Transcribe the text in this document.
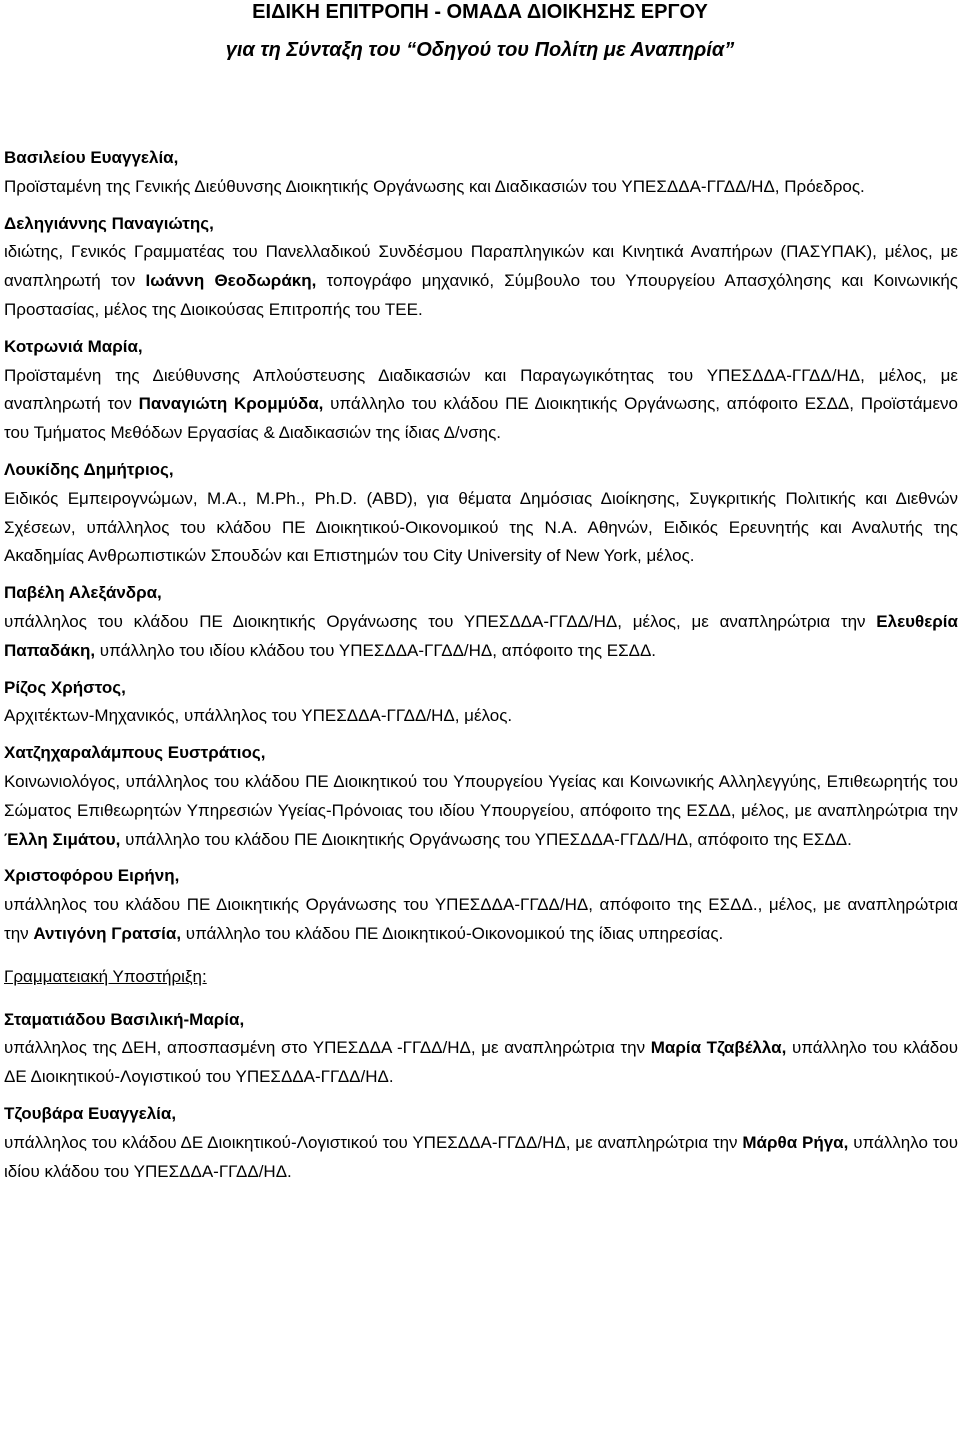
ΕΙΔΙΚΗ ΕΠΙΤΡΟΠΗ - ΟΜΑΔΑ ΔΙΟΙΚΗΣΗΣ ΕΡΓΟΥ
για τη Σύνταξη του “Οδηγού του Πολίτη με Αναπηρία”
Βασιλείου Ευαγγελία,
Προϊσταμένη της Γενικής Διεύθυνσης Διοικητικής Οργάνωσης και Διαδικασιών του ΥΠΕΣΔΔΑ-ΓΓΔΔ/ΗΔ, Πρόεδρος.
Δεληγιάννης Παναγιώτης,
ιδιώτης, Γενικός Γραμματέας του Πανελλαδικού Συνδέσμου Παραπληγικών και Κινητικά Αναπήρων (ΠΑΣΥΠΑΚ), μέλος, με αναπληρωτή τον Ιωάννη Θεοδωράκη, τοπογράφο μηχανικό, Σύμβουλο του Υπουργείου Απασχόλησης και Κοινωνικής Προστασίας, μέλος της Διοικούσας Επιτροπής του ΤΕΕ.
Κοτρωνιά Μαρία,
Προϊσταμένη της Διεύθυνσης Απλούστευσης Διαδικασιών και Παραγωγικότητας του ΥΠΕΣΔΔΑ-ΓΓΔΔ/ΗΔ, μέλος, με αναπληρωτή τον Παναγιώτη Κρομμύδα, υπάλληλο του κλάδου ΠΕ Διοικητικής Οργάνωσης, απόφοιτο ΕΣΔΔ, Προϊστάμενο του Τμήματος Μεθόδων Εργασίας & Διαδικασιών της ίδιας Δ/νσης.
Λουκίδης Δημήτριος,
Ειδικός Εμπειρογνώμων, M.A., M.Ph., Ph.D. (ABD), για θέματα Δημόσιας Διοίκησης, Συγκριτικής Πολιτικής και Διεθνών Σχέσεων, υπάλληλος του κλάδου ΠΕ Διοικητικού-Οικονομικού της Ν.Α. Αθηνών, Ειδικός Ερευνητής και Αναλυτής της Ακαδημίας Ανθρωπιστικών Σπουδών και Επιστημών του City University of New York, μέλος.
Παβέλη Αλεξάνδρα,
υπάλληλος του κλάδου ΠΕ Διοικητικής Οργάνωσης του ΥΠΕΣΔΔΑ-ΓΓΔΔ/ΗΔ, μέλος, με αναπληρώτρια την Ελευθερία Παπαδάκη, υπάλληλο του ιδίου κλάδου του ΥΠΕΣΔΔΑ-ΓΓΔΔ/ΗΔ, απόφοιτο της ΕΣΔΔ.
Ρίζος Χρήστος,
Αρχιτέκτων-Μηχανικός, υπάλληλος του ΥΠΕΣΔΔΑ-ΓΓΔΔ/ΗΔ, μέλος.
Χατζηχαραλάμπους Ευστράτιος,
Κοινωνιολόγος, υπάλληλος του κλάδου ΠΕ Διοικητικού του Υπουργείου Υγείας και Κοινωνικής Αλληλεγγύης, Επιθεωρητής του Σώματος Επιθεωρητών Υπηρεσιών Υγείας-Πρόνοιας του ιδίου Υπουργείου, απόφοιτο της ΕΣΔΔ, μέλος, με αναπληρώτρια την Έλλη Σιμάτου, υπάλληλο του κλάδου ΠΕ Διοικητικής Οργάνωσης του ΥΠΕΣΔΔΑ-ΓΓΔΔ/ΗΔ, απόφοιτο της ΕΣΔΔ.
Χριστοφόρου Ειρήνη,
υπάλληλος του κλάδου ΠΕ Διοικητικής Οργάνωσης του ΥΠΕΣΔΔΑ-ΓΓΔΔ/ΗΔ, απόφοιτο της ΕΣΔΔ., μέλος, με αναπληρώτρια την Αντιγόνη Γρατσία, υπάλληλο του κλάδου ΠΕ Διοικητικού-Οικονομικού της ίδιας υπηρεσίας.
Γραμματειακή Υποστήριξη:
Σταματιάδου Βασιλική-Μαρία,
υπάλληλος της ΔΕΗ, αποσπασμένη στο ΥΠΕΣΔΔΑ -ΓΓΔΔ/ΗΔ, με αναπληρώτρια την Μαρία Τζαβέλλα, υπάλληλο του κλάδου ΔΕ Διοικητικού-Λογιστικού του ΥΠΕΣΔΔΑ-ΓΓΔΔ/ΗΔ.
Τζουβάρα Ευαγγελία,
υπάλληλος του κλάδου ΔΕ Διοικητικού-Λογιστικού του ΥΠΕΣΔΔΑ-ΓΓΔΔ/ΗΔ, με αναπληρώτρια την Μάρθα Ρήγα, υπάλληλο του ιδίου κλάδου του ΥΠΕΣΔΔΑ-ΓΓΔΔ/ΗΔ.
